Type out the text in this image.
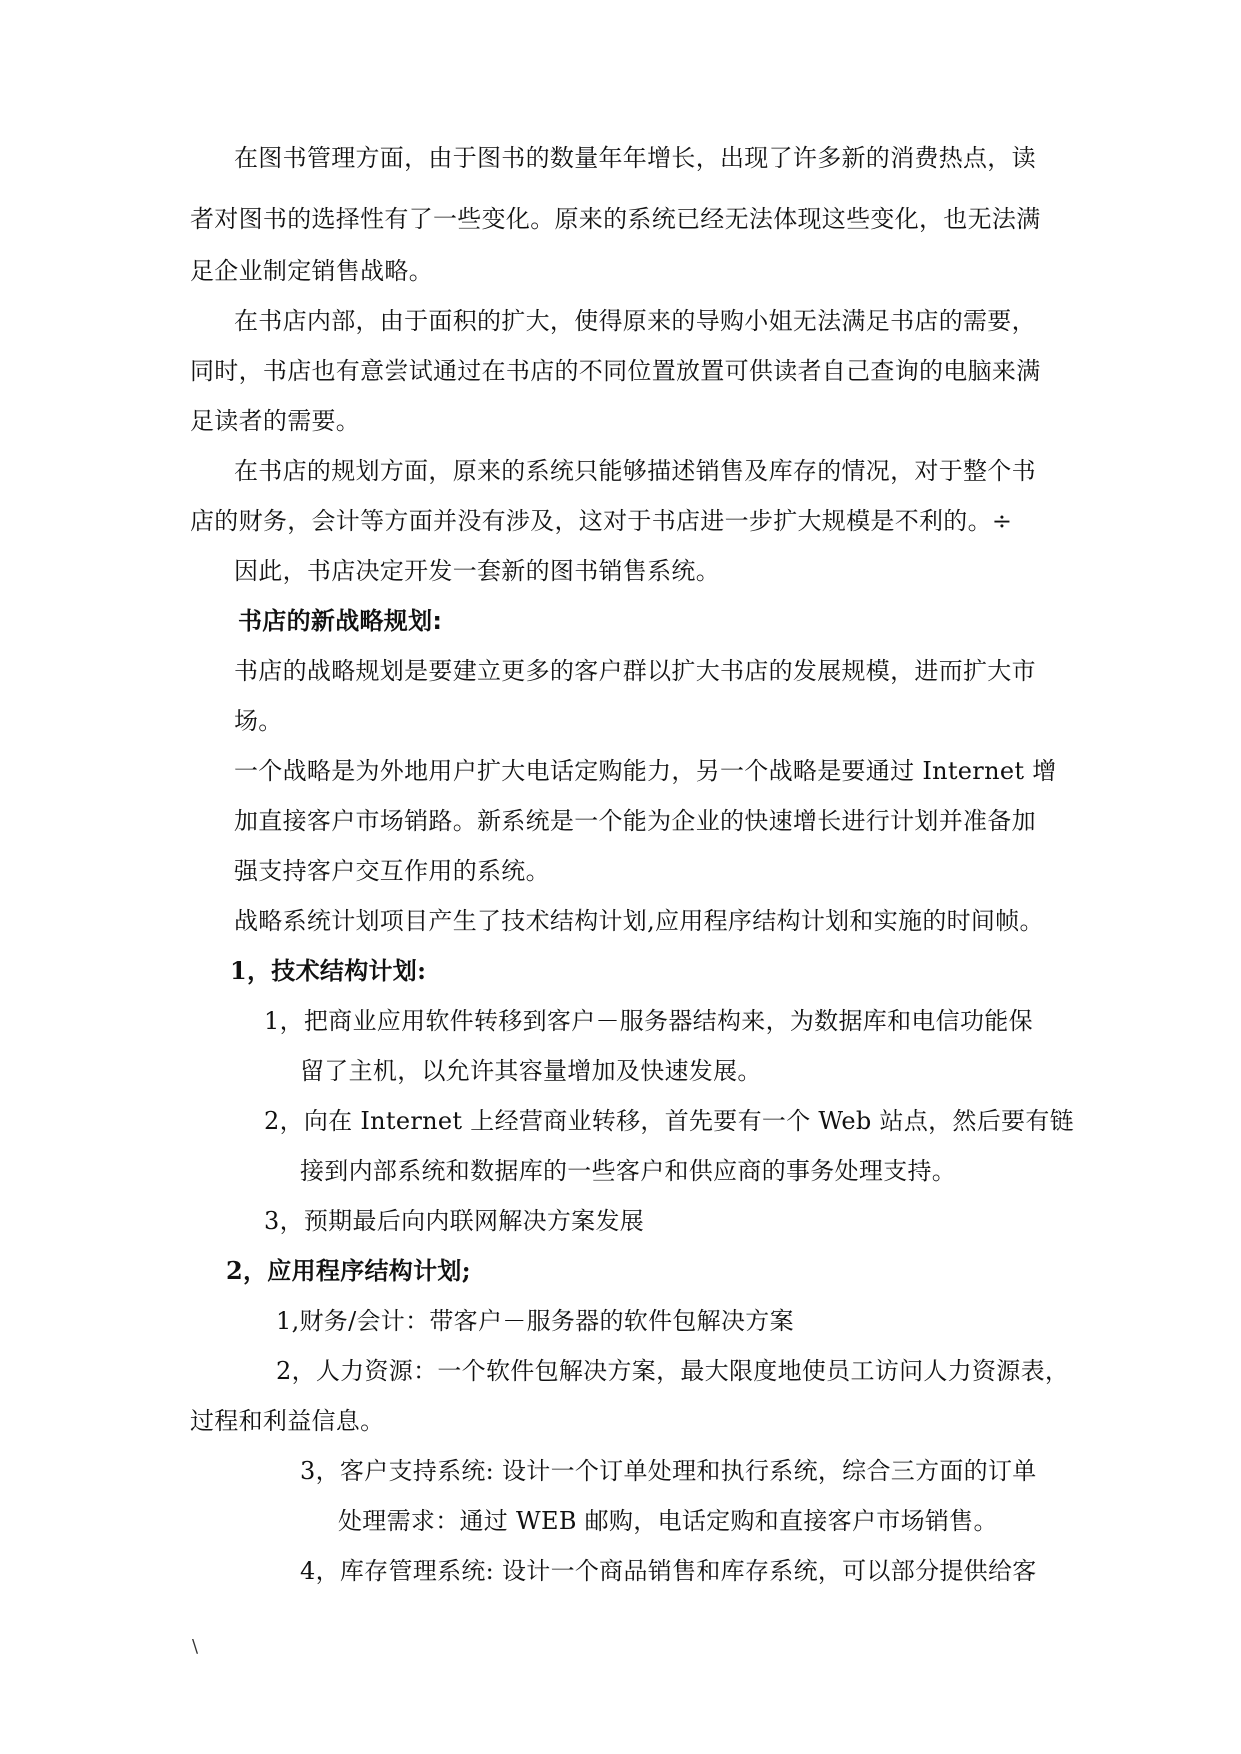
在图书管理方面，由于图书的数量年年增长，出现了许多新的消费热点，读
者对图书的选择性有了一些变化。原来的系统已经无法体现这些变化，也无法满
足企业制定销售战略。
在书店内部，由于面积的扩大，使得原来的导购小姐无法满足书店的需要，
同时，书店也有意尝试通过在书店的不同位置放置可供读者自己查询的电脑来满
足读者的需要。
在书店的规划方面，原来的系统只能够描述销售及库存的情况，对于整个书
店的财务，会计等方面并没有涉及，这对于书店进一步扩大规模是不利的。÷
因此，书店决定开发一套新的图书销售系统。
书店的新战略规划:
书店的战略规划是要建立更多的客户群以扩大书店的发展规模，进而扩大市
场。
一个战略是为外地用户扩大电话定购能力，另一个战略是要通过 Internet 增
加直接客户市场销路。新系统是一个能为企业的快速增长进行计划并准备加
强支持客户交互作用的系统。
战略系统计划项目产生了技术结构计划,应用程序结构计划和实施的时间帧。
1，技术结构计划:
1，把商业应用软件转移到客户－服务器结构来，为数据库和电信功能保
留了主机，以允许其容量增加及快速发展。
2，向在 Internet 上经营商业转移，首先要有一个 Web 站点，然后要有链
接到内部系统和数据库的一些客户和供应商的事务处理支持。
3，预期最后向内联网解决方案发展
2，应用程序结构计划;
1,财务/会计：带客户－服务器的软件包解决方案
2，人力资源：一个软件包解决方案，最大限度地使员工访问人力资源表，
过程和利益信息。
3，客户支持系统: 设计一个订单处理和执行系统，综合三方面的订单
处理需求：通过 WEB 邮购，电话定购和直接客户市场销售。
4，库存管理系统: 设计一个商品销售和库存系统，可以部分提供给客
\
